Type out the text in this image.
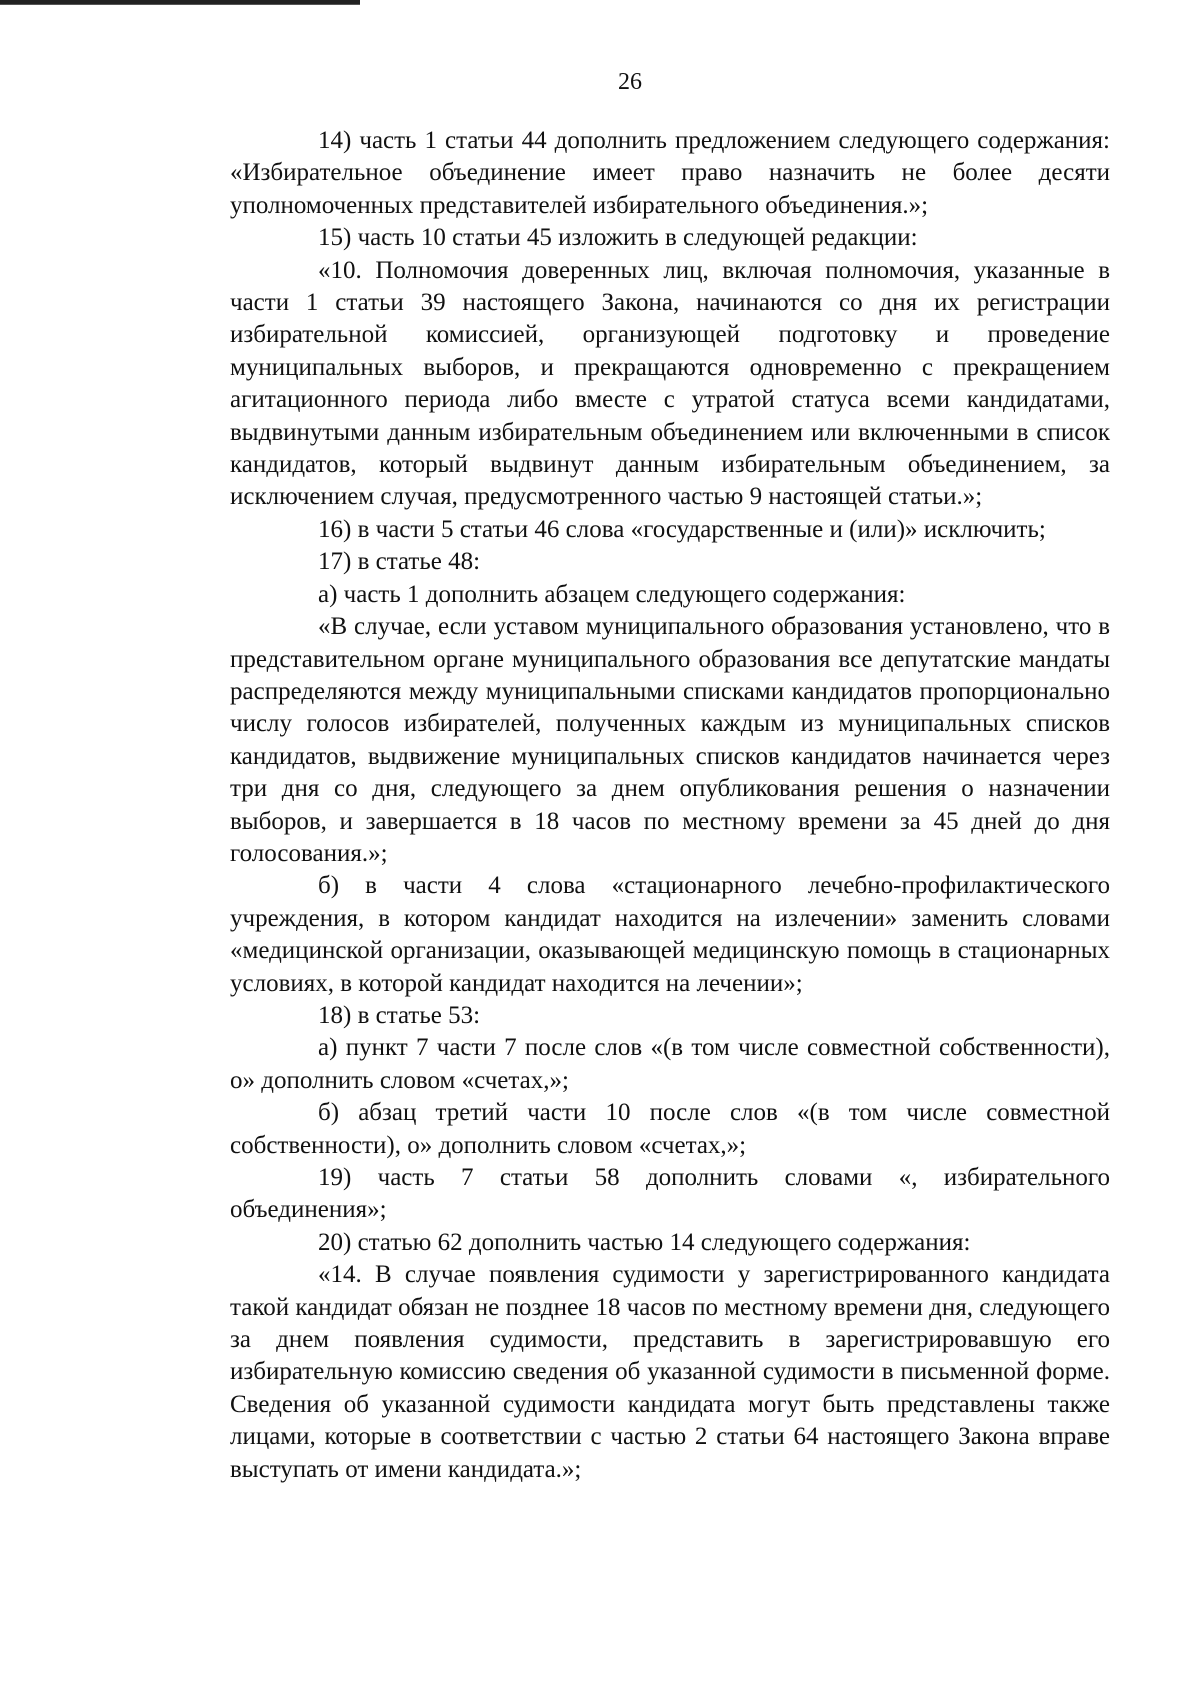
26

14) часть 1 статьи 44 дополнить предложением следующего содержания: «Избирательное объединение имеет право назначить не более десяти уполномоченных представителей избирательного объединения.»;

15) часть 10 статьи 45 изложить в следующей редакции:

«10. Полномочия доверенных лиц, включая полномочия, указанные в части 1 статьи 39 настоящего Закона, начинаются со дня их регистрации избирательной комиссией, организующей подготовку и проведение муниципальных выборов, и прекращаются одновременно с прекращением агитационного периода либо вместе с утратой статуса всеми кандидатами, выдвинутыми данным избирательным объединением или включенными в список кандидатов, который выдвинут данным избирательным объединением, за исключением случая, предусмотренного частью 9 настоящей статьи.»;

16) в части 5 статьи 46 слова «государственные и (или)» исключить;

17) в статье 48:

а) часть 1 дополнить абзацем следующего содержания:

«В случае, если уставом муниципального образования установлено, что в представительном органе муниципального образования все депутатские мандаты распределяются между муниципальными списками кандидатов пропорционально числу голосов избирателей, полученных каждым из муниципальных списков кандидатов, выдвижение муниципальных списков кандидатов начинается через три дня со дня, следующего за днем опубликования решения о назначении выборов, и завершается в 18 часов по местному времени за 45 дней до дня голосования.»;

б) в части 4 слова «стационарного лечебно-профилактического учреждения, в котором кандидат находится на излечении» заменить словами «медицинской организации, оказывающей медицинскую помощь в стационарных условиях, в которой кандидат находится на лечении»;

18) в статье 53:

а) пункт 7 части 7 после слов «(в том числе совместной собственности), о» дополнить словом «счетах,»;

б) абзац третий части 10 после слов «(в том числе совместной собственности), о» дополнить словом «счетах,»;

19) часть 7 статьи 58 дополнить словами «, избирательного объединения»;

20) статью 62 дополнить частью 14 следующего содержания:

«14. В случае появления судимости у зарегистрированного кандидата такой кандидат обязан не позднее 18 часов по местному времени дня, следующего за днем появления судимости, представить в зарегистрировавшую его избирательную комиссию сведения об указанной судимости в письменной форме. Сведения об указанной судимости кандидата могут быть представлены также лицами, которые в соответствии с частью 2 статьи 64 настоящего Закона вправе выступать от имени кандидата.»;
